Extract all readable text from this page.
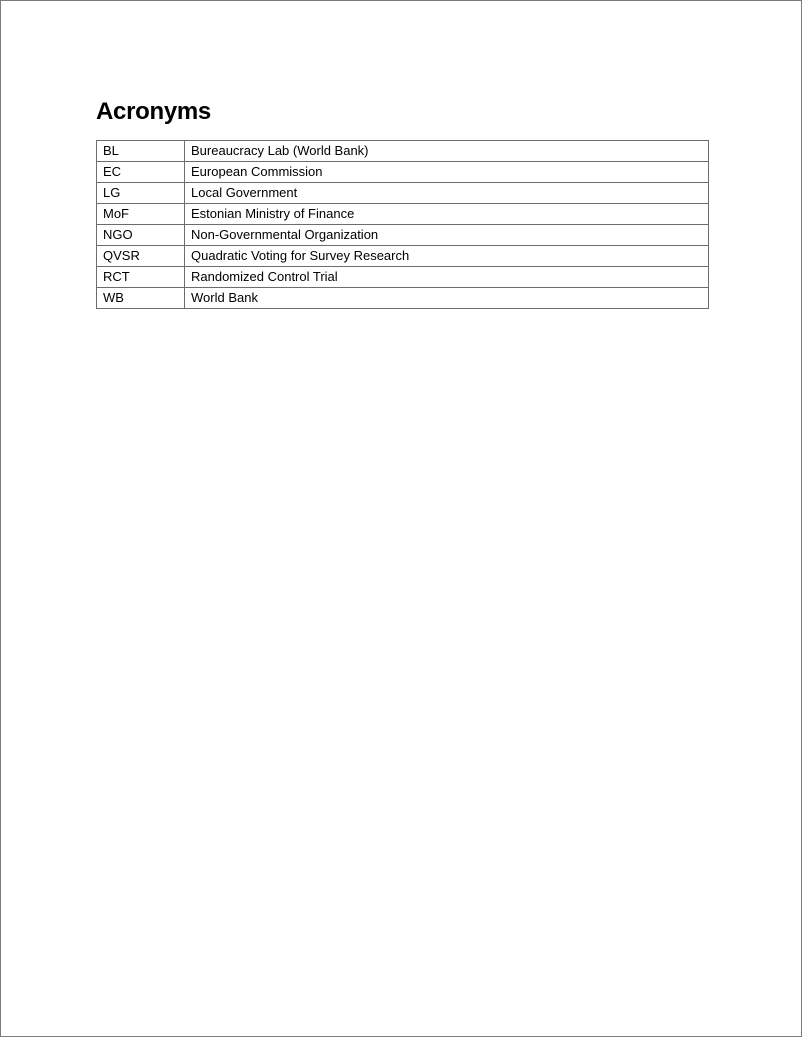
Acronyms
BL	Bureaucracy Lab (World Bank)
EC	European Commission
LG	Local Government
MoF	Estonian Ministry of Finance
NGO	Non-Governmental Organization
QVSR	Quadratic Voting for Survey Research
RCT	Randomized Control Trial
WB	World Bank
